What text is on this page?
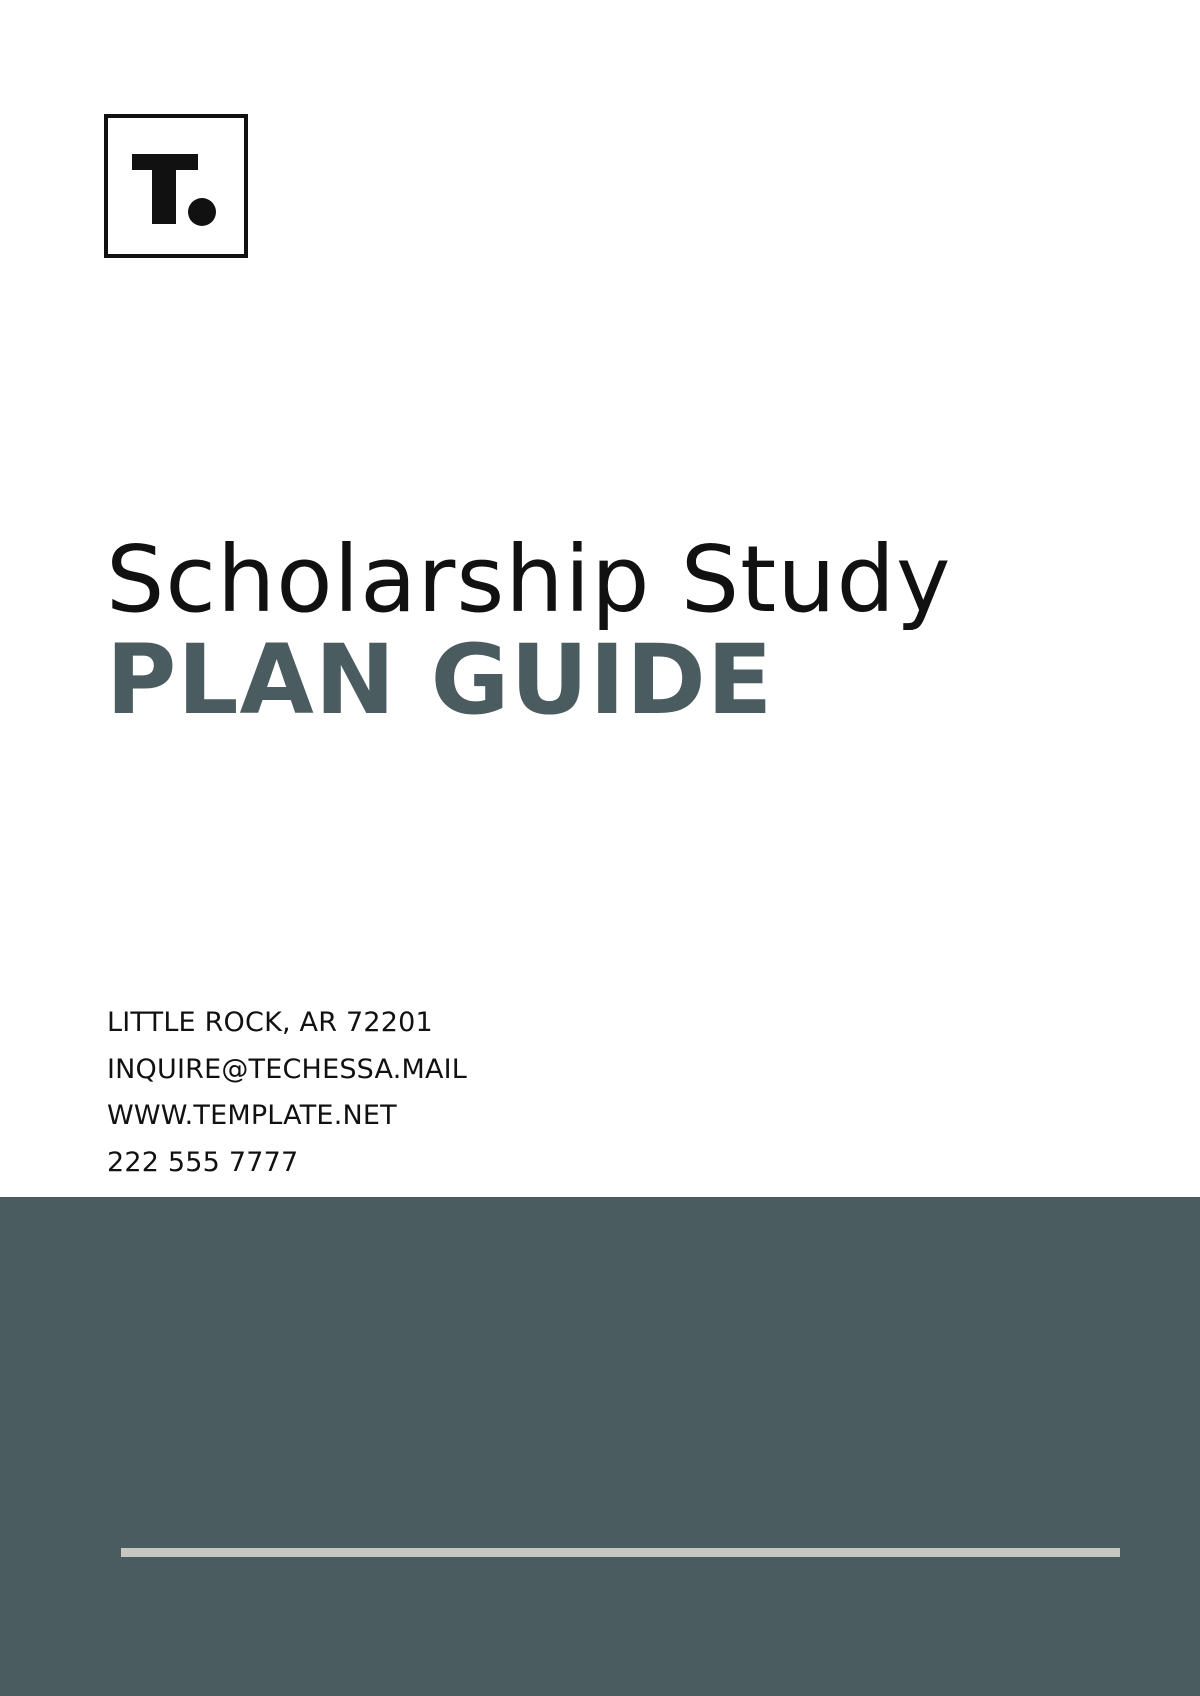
Scholarship Study
PLAN GUIDE
LITTLE ROCK, AR 72201
INQUIRE@TECHESSA.MAIL
WWW.TEMPLATE.NET
222 555 7777
